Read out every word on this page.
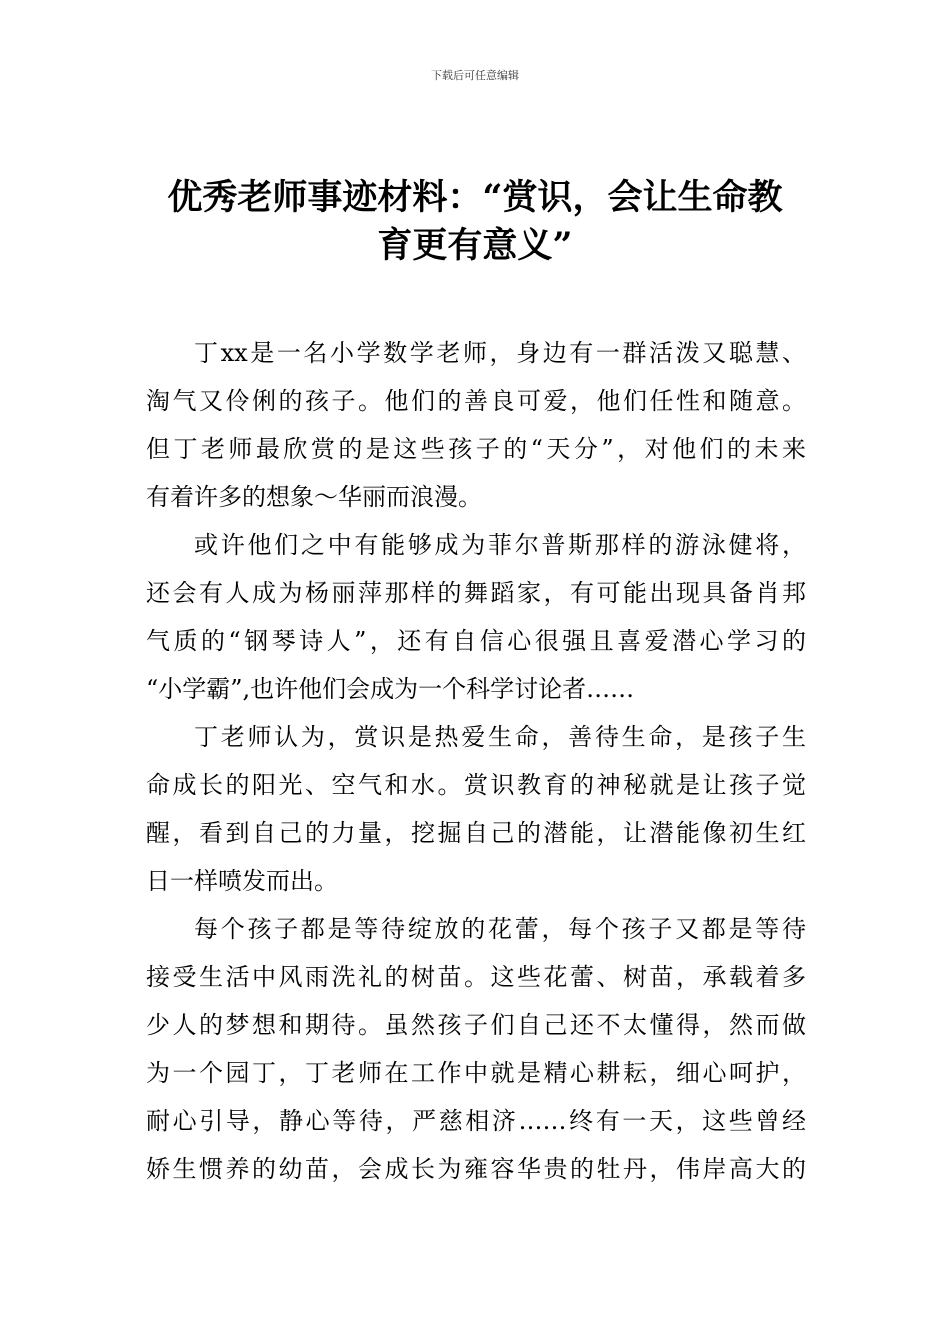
下载后可任意编辑
优秀老师事迹材料：“赏识，会让生命教
育更有意义”

丁xx是一名小学数学老师，身边有一群活泼又聪慧、
淘气又伶俐的孩子。他们的善良可爱，他们任性和随意。
但丁老师最欣赏的是这些孩子的“天分”，对他们的未来
有着许多的想象～华丽而浪漫。

或许他们之中有能够成为菲尔普斯那样的游泳健将，
还会有人成为杨丽萍那样的舞蹈家，有可能出现具备肖邦
气质的“钢琴诗人”，还有自信心很强且喜爱潜心学习的
“小学霸”,也许他们会成为一个科学讨论者……

丁老师认为，赏识是热爱生命，善待生命，是孩子生
命成长的阳光、空气和水。赏识教育的神秘就是让孩子觉
醒，看到自己的力量，挖掘自己的潜能，让潜能像初生红
日一样喷发而出。

每个孩子都是等待绽放的花蕾，每个孩子又都是等待
接受生活中风雨洗礼的树苗。这些花蕾、树苗，承载着多
少人的梦想和期待。虽然孩子们自己还不太懂得，然而做
为一个园丁，丁老师在工作中就是精心耕耘，细心呵护，
耐心引导，静心等待，严慈相济……终有一天，这些曾经
娇生惯养的幼苗，会成长为雍容华贵的牡丹，伟岸高大的
